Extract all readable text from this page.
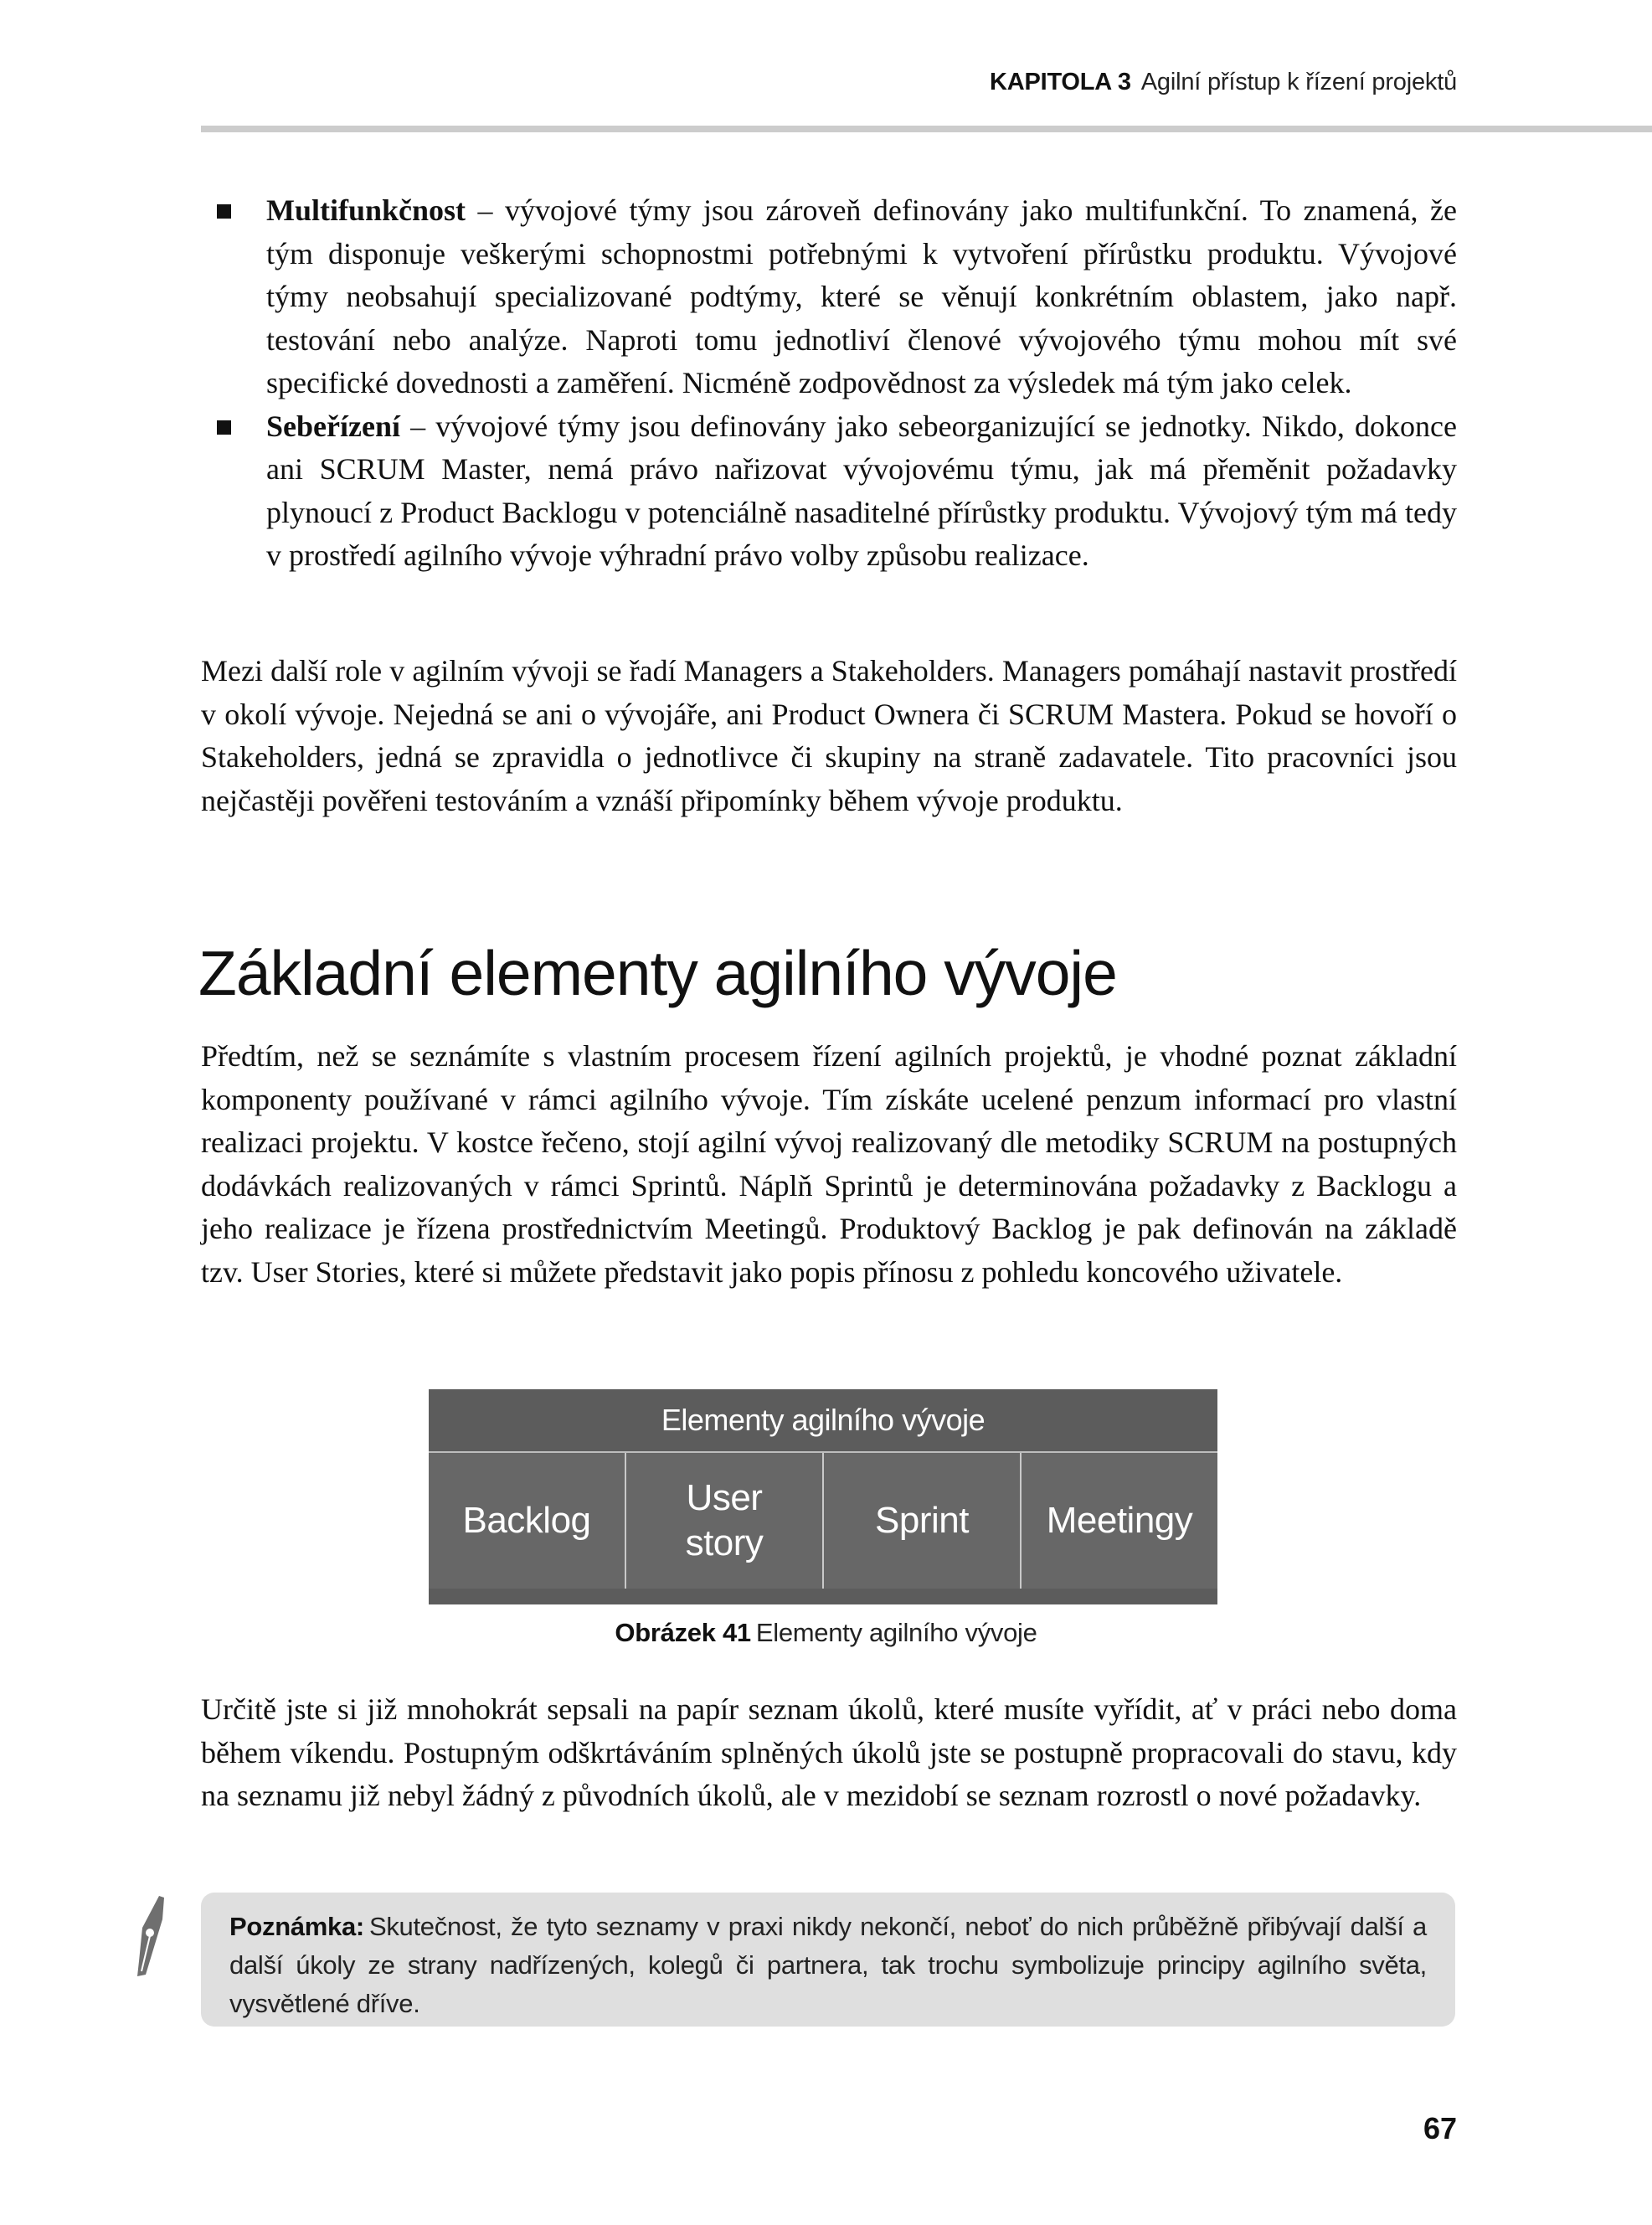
KAPITOLA 3 Agilní přístup k řízení projektů
Multifunkčnost – vývojové týmy jsou zároveň definovány jako multifunkční. To znamená, že tým disponuje veškerými schopnostmi potřebnými k vytvoření přírůstku produktu. Vývojové týmy neobsahují specializované podtýmy, které se věnují konkrétním oblastem, jako např. testování nebo analýze. Naproti tomu jednotliví členové vývojového týmu mohou mít své specifické dovednosti a zaměření. Nicméně zodpovědnost za výsledek má tým jako celek.
Sebeřízení – vývojové týmy jsou definovány jako sebeorganizující se jednotky. Nikdo, dokonce ani SCRUM Master, nemá právo nařizovat vývojovému týmu, jak má přeměnit požadavky plynoucí z Product Backlogu v potenciálně nasaditelné přírůstky produktu. Vývojový tým má tedy v prostředí agilního vývoje výhradní právo volby způsobu realizace.

Mezi další role v agilním vývoji se řadí Managers a Stakeholders. Managers pomáhají nastavit prostředí v okolí vývoje. Nejedná se ani o vývojáře, ani Product Ownera či SCRUM Mastera. Pokud se hovoří o Stakeholders, jedná se zpravidla o jednotlivce či skupiny na straně zadavatele. Tito pracovníci jsou nejčastěji pověřeni testováním a vznáší připomínky během vývoje produktu.

Základní elementy agilního vývoje

Předtím, než se seznámíte s vlastním procesem řízení agilních projektů, je vhodné poznat základní komponenty používané v rámci agilního vývoje. Tím získáte ucelené penzum informací pro vlastní realizaci projektu. V kostce řečeno, stojí agilní vývoj realizovaný dle metodiky SCRUM na postupných dodávkách realizovaných v rámci Sprintů. Náplň Sprintů je determinována požadavky z Backlogu a jeho realizace je řízena prostřednictvím Meetingů. Produktový Backlog je pak definován na základě tzv. User Stories, které si můžete představit jako popis přínosu z pohledu koncového uživatele.

Elementy agilního vývoje
Backlog
User story
Sprint	Meetingy
Obrázek 41 Elementy agilního vývoje

Určitě jste si již mnohokrát sepsali na papír seznam úkolů, které musíte vyřídit, ať v práci nebo doma během víkendu. Postupným odškrtáváním splněných úkolů jste se postupně propracovali do stavu, kdy na seznamu již nebyl žádný z původních úkolů, ale v mezidobí se seznam rozrostl o nové požadavky.

Poznámka: Skutečnost, že tyto seznamy v praxi nikdy nekončí, neboť do nich průběžně přibývají další a další úkoly ze strany nadřízených, kolegů či partnera, tak trochu symbolizuje principy agilního světa, vysvětlené dříve.
67
